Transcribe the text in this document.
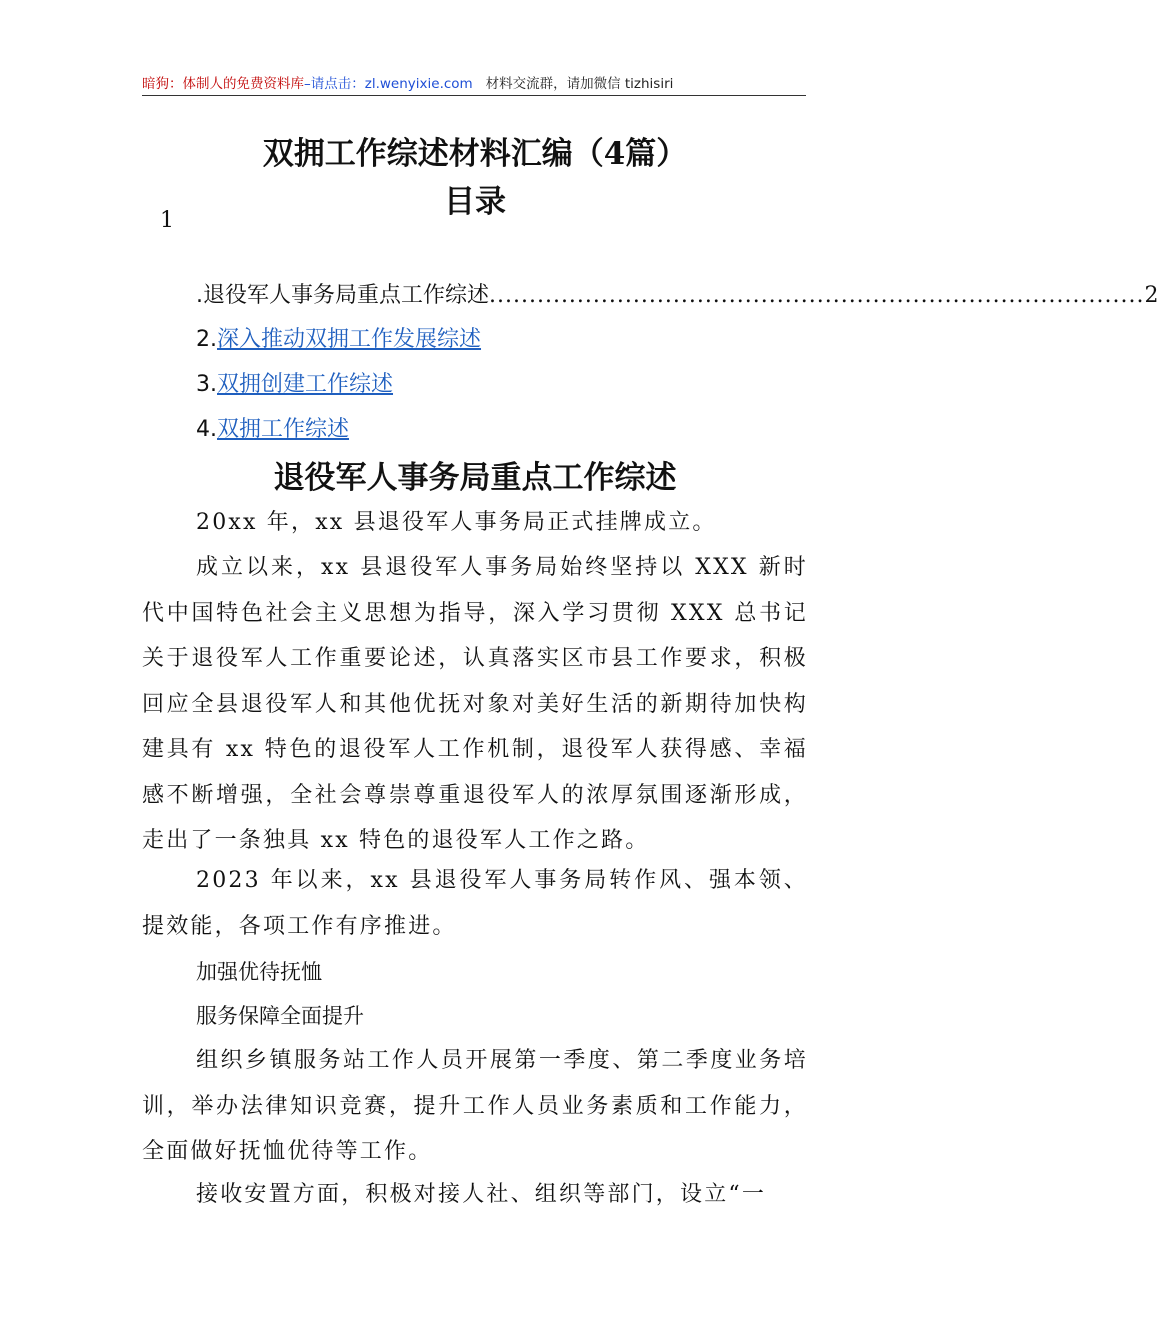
暗狗：体制人的免费资料库–请点击：zl.wenyixie.com 材料交流群，请加微信 tizhisiri
双拥工作综述材料汇编（4篇）
目录
1
.退役军人事务局重点工作综述 .................................................................................. 2
2.深入推动双拥工作发展综述
3.双拥创建工作综述
4.双拥工作综述
退役军人事务局重点工作综述
20xx 年，xx 县退役军人事务局正式挂牌成立。
成立以来，xx 县退役军人事务局始终坚持以 XXX 新时代中国特色社会主义思想为指导，深入学习贯彻 XXX 总书记关于退役军人工作重要论述，认真落实区市县工作要求，积极回应全县退役军人和其他优抚对象对美好生活的新期待加快构建具有 xx 特色的退役军人工作机制，退役军人获得感、幸福感不断增强，全社会尊崇尊重退役军人的浓厚氛围逐渐形成，走出了一条独具 xx 特色的退役军人工作之路。
2023 年以来，xx 县退役军人事务局转作风、强本领、提效能，各项工作有序推进。
加强优待抚恤
服务保障全面提升
组织乡镇服务站工作人员开展第一季度、第二季度业务培训，举办法律知识竞赛，提升工作人员业务素质和工作能力，全面做好抚恤优待等工作。
接收安置方面，积极对接人社、组织等部门，设立“一
